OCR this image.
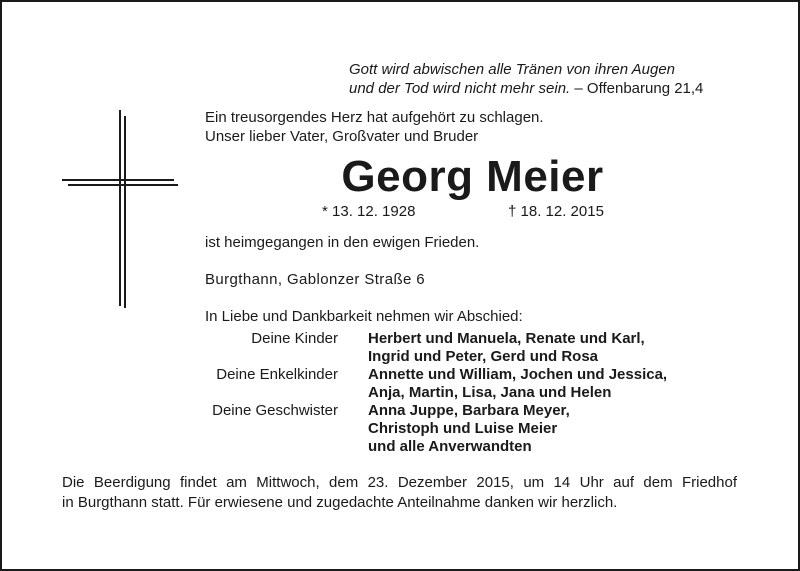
Gott wird abwischen alle Tränen von ihren Augen
und der Tod wird nicht mehr sein. – Offenbarung 21,4
Ein treusorgendes Herz hat aufgehört zu schlagen.
Unser lieber Vater, Großvater und Bruder
Georg Meier
* 13. 12. 1928	† 18. 12. 2015
ist heimgegangen in den ewigen Frieden.
Burgthann, Gablonzer Straße 6
In Liebe und Dankbarkeit nehmen wir Abschied:
Deine Kinder	Herbert und Manuela, Renate und Karl,
Ingrid und Peter, Gerd und Rosa
Deine Enkelkinder	Annette und William, Jochen und Jessica,
Anja, Martin, Lisa, Jana und Helen
Deine Geschwister	Anna Juppe, Barbara Meyer,
Christoph und Luise Meier
und alle Anverwandten
Die Beerdigung findet am Mittwoch, dem 23. Dezember 2015, um 14 Uhr auf dem Friedhof
in Burgthann statt. Für erwiesene und zugedachte Anteilnahme danken wir herzlich.
